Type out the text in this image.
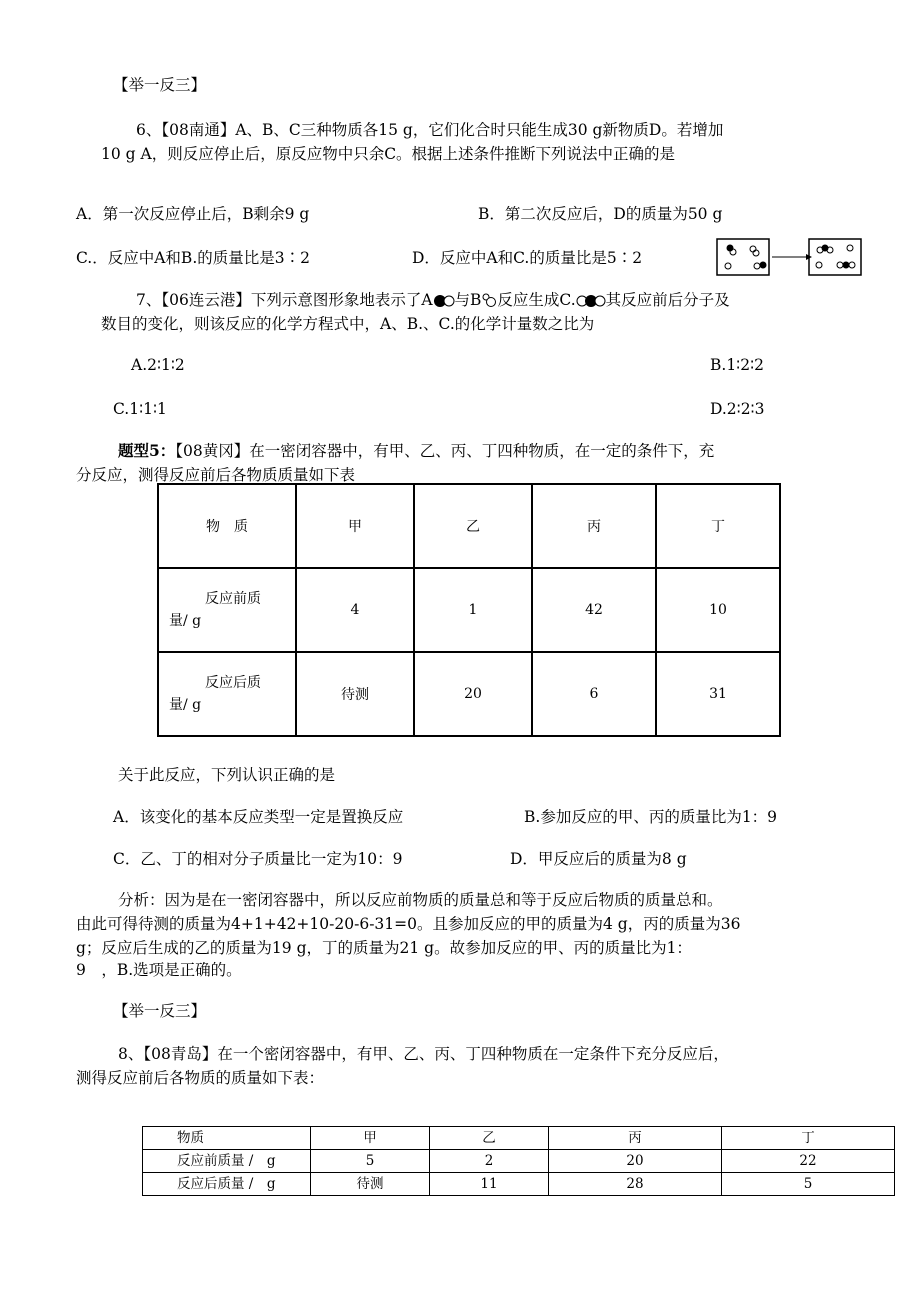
【举一反三】
6、【08南通】A、B、C三种物质各15 g，它们化合时只能生成30 g新物质D。若增加
10 g A，则反应停止后，原反应物中只余C。根据上述条件推断下列说法中正确的是
A．第一次反应停止后，B剩余9 g	B．第二次反应后，D的质量为50 g
C.．反应中A和B.的质量比是3∶2	D．反应中A和C.的质量比是5∶2
7、【06连云港】下列示意图形象地表示了A 与B 反应生成C. 其反应前后分子及
数目的变化，则该反应的化学方程式中，A、B.、C.的化学计量数之比为
A.2∶1∶2	B.1∶2∶2
C.1∶1∶1	D.2∶2∶3
题型5：【08黄冈】在一密闭容器中，有甲、乙、丙、丁四种物质，在一定的条件下，充
分反应，测得反应前后各物质质量如下表
物　质	甲	乙	丙	丁
反应前质
量/ g	4	1	42	10
反应后质
量/ g	待测	20	6	31
关于此反应，下列认识正确的是
A．该变化的基本反应类型一定是置换反应	B.参加反应的甲、丙的质量比为1：9
C．乙、丁的相对分子质量比一定为10：9	D．甲反应后的质量为8 g
分析：因为是在一密闭容器中，所以反应前物质的质量总和等于反应后物质的质量总和。
由此可得待测的质量为4+1+42+10-20-6-31=0。且参加反应的甲的质量为4 g，丙的质量为36
g；反应后生成的乙的质量为19 g，丁的质量为21 g。故参加反应的甲、丙的质量比为1：
9　，B.选项是正确的。
【举一反三】
8、【08青岛】在一个密闭容器中，有甲、乙、丙、丁四种物质在一定条件下充分反应后，
测得反应前后各物质的质量如下表：
物质	甲	乙	丙	丁
反应前质量 /　g	5	2	20	22
反应后质量 /　g	待测	11	28	5
